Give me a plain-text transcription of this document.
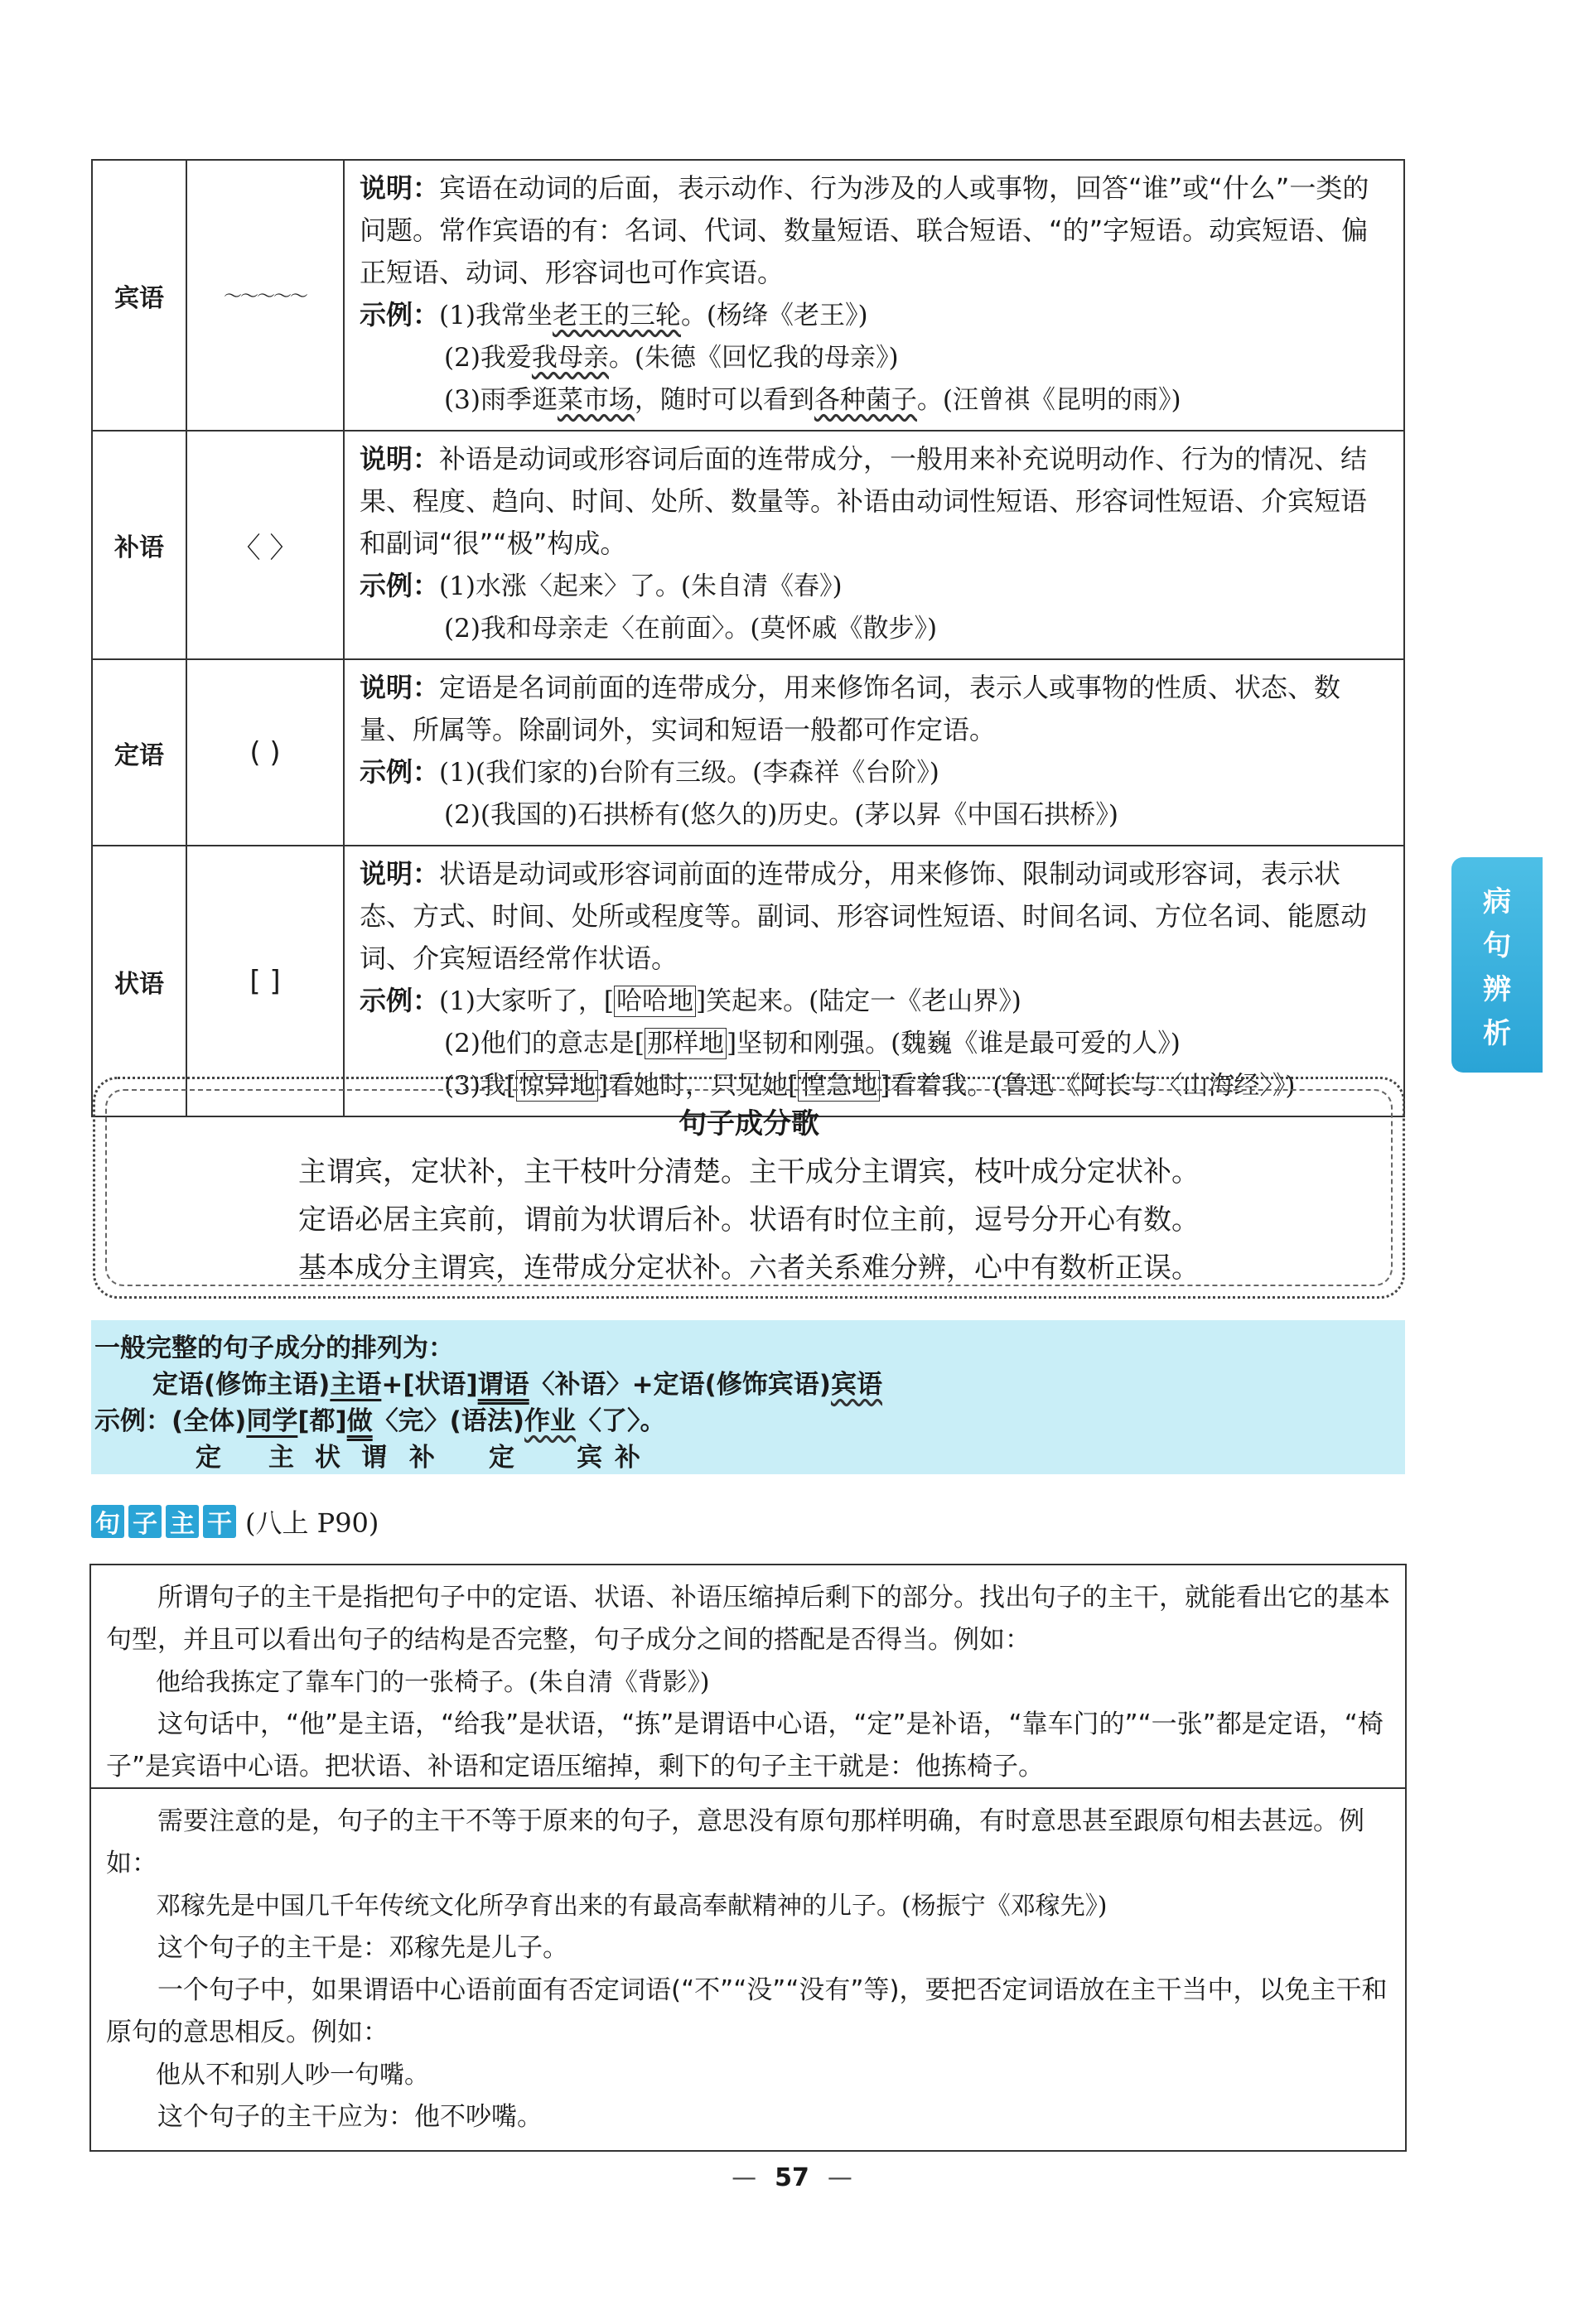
宾语	～～～～～	说明：宾语在动词的后面，表示动作、行为涉及的人或事物，回答“谁”或“什么”一类的问题。常作宾语的有：名词、代词、数量短语、联合短语、“的”字短语。动宾短语、偏正短语、动词、形容词也可作宾语。
示例：(1)我常坐老王的三轮。(杨绛《老王》)
(2)我爱我母亲。(朱德《回忆我的母亲》)
(3)雨季逛菜市场，随时可以看到各种菌子。(汪曾祺《昆明的雨》)

补语	〈 〉	说明：补语是动词或形容词后面的连带成分，一般用来补充说明动作、行为的情况、结果、程度、趋向、时间、处所、数量等。补语由动词性短语、形容词性短语、介宾短语和副词“很”“极”构成。
示例：(1)水涨〈起来〉了。(朱自清《春》)
(2)我和母亲走〈在前面〉。(莫怀戚《散步》)

定语	( )	说明：定语是名词前面的连带成分，用来修饰名词，表示人或事物的性质、状态、数量、所属等。除副词外，实词和短语一般都可作定语。
示例：(1)(我们家的)台阶有三级。(李森祥《台阶》)
(2)(我国的)石拱桥有(悠久的)历史。(茅以昇《中国石拱桥》)

状语	[ ]	说明：状语是动词或形容词前面的连带成分，用来修饰、限制动词或形容词，表示状态、方式、时间、处所或程度等。副词、形容词性短语、时间名词、方位名词、能愿动词、介宾短语经常作状语。
示例：(1)大家听了，[哈哈地]笑起来。(陆定一《老山界》)
(2)他们的意志是[那样地]坚韧和刚强。(魏巍《谁是最可爱的人》)
(3)我[惊异地]看她时，只见她[惶急地]看着我。(鲁迅《阿长与〈山海经〉》)
病
句
辨
析
句子成分歌
主谓宾，定状补，主干枝叶分清楚。主干成分主谓宾，枝叶成分定状补。
定语必居主宾前，谓前为状谓后补。状语有时位主前，逗号分开心有数。
基本成分主谓宾，连带成分定状补。六者关系难分辨，心中有数析正误。
一般完整的句子成分的排列为：
定语(修饰主语)主语+[状语]谓语〈补语〉+定语(修饰宾语)宾语
示例：(全体)同学[都]做〈完〉(语法)作业〈了〉。
定 主 状 谓 补 定 宾 补
句 子 主 干 (八上 P90)

所谓句子的主干是指把句子中的定语、状语、补语压缩掉后剩下的部分。找出句子的主干，就能看出它的基本句型，并且可以看出句子的结构是否完整，句子成分之间的搭配是否得当。例如：

他给我拣定了靠车门的一张椅子。(朱自清《背影》)

这句话中，“他”是主语，“给我”是状语，“拣”是谓语中心语，“定”是补语，“靠车门的”“一张”都是定语，“椅子”是宾语中心语。把状语、补语和定语压缩掉，剩下的句子主干就是：他拣椅子。

需要注意的是，句子的主干不等于原来的句子，意思没有原句那样明确，有时意思甚至跟原句相去甚远。例如：

邓稼先是中国几千年传统文化所孕育出来的有最高奉献精神的儿子。(杨振宁《邓稼先》)

这个句子的主干是：邓稼先是儿子。

一个句子中，如果谓语中心语前面有否定词语(“不”“没”“没有”等)，要把否定词语放在主干当中，以免主干和原句的意思相反。例如：

他从不和别人吵一句嘴。

这个句子的主干应为：他不吵嘴。

— 57 —
